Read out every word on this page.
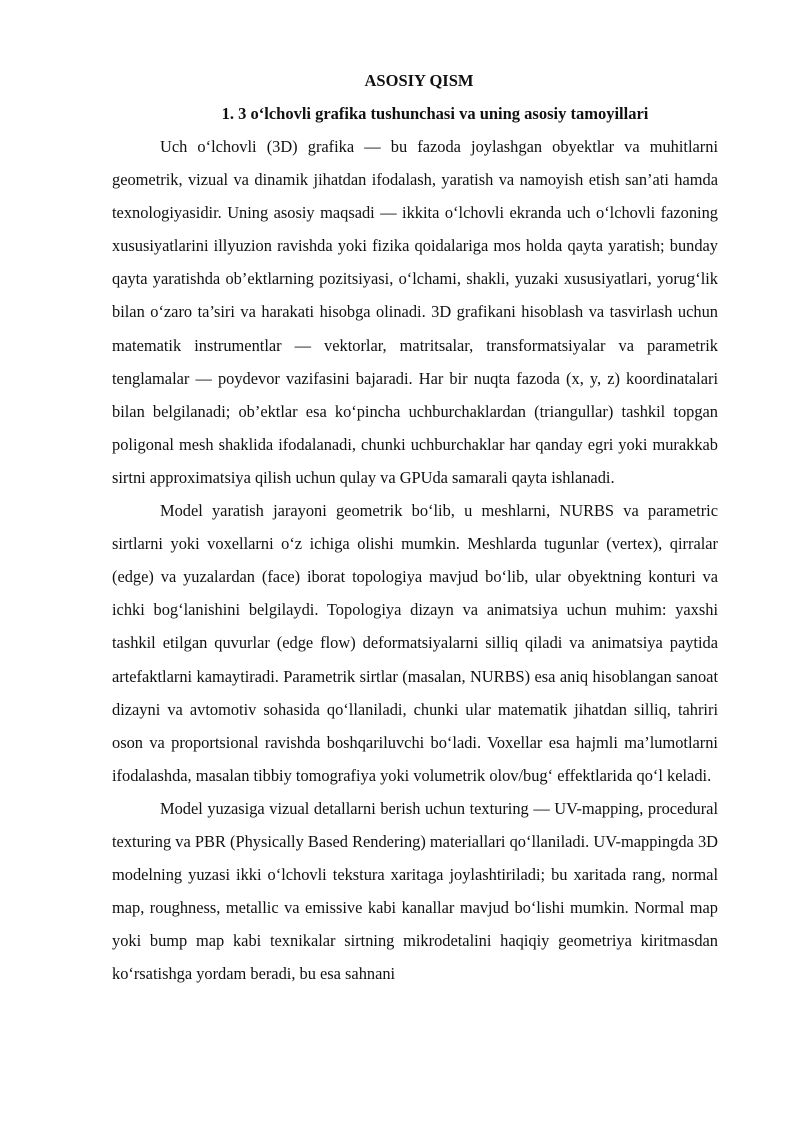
ASOSIY QISM

1. 3 o‘lchovli grafika tushunchasi va uning asosiy tamoyillari

Uch o‘lchovli (3D) grafika — bu fazoda joylashgan obyektlar va muhitlarni geometrik, vizual va dinamik jihatdan ifodalash, yaratish va namoyish etish san’ati hamda texnologiyasidir. Uning asosiy maqsadi — ikkita o‘lchovli ekranda uch o‘lchovli fazoning xususiyatlarini illyuzion ravishda yoki fizika qoidalariga mos holda qayta yaratish; bunday qayta yaratishda ob’ektlarning pozitsiyasi, o‘lchami, shakli, yuzaki xususiyatlari, yorug‘lik bilan o‘zaro ta’siri va harakati hisobga olinadi. 3D grafikani hisoblash va tasvirlash uchun matematik instrumentlar — vektorlar, matritsalar, transformatsiyalar va parametrik tenglamalar — poydevor vazifasini bajaradi. Har bir nuqta fazoda (x, y, z) koordinatalari bilan belgilanadi; ob’ektlar esa ko‘pincha uchburchaklardan (triangullar) tashkil topgan poligonal mesh shaklida ifodalanadi, chunki uchburchaklar har qanday egri yoki murakkab sirtni approximatsiya qilish uchun qulay va GPUda samarali qayta ishlanadi.

Model yaratish jarayoni geometrik bo‘lib, u meshlarni, NURBS va parametric sirtlarni yoki voxellarni o‘z ichiga olishi mumkin. Meshlarda tugunlar (vertex), qirralar (edge) va yuzalardan (face) iborat topologiya mavjud bo‘lib, ular obyektning konturi va ichki bog‘lanishini belgilaydi. Topologiya dizayn va animatsiya uchun muhim: yaxshi tashkil etilgan quvurlar (edge flow) deformatsiyalarni silliq qiladi va animatsiya paytida artefaktlarni kamaytiradi. Parametrik sirtlar (masalan, NURBS) esa aniq hisoblangan sanoat dizayni va avtomotiv sohasida qo‘llaniladi, chunki ular matematik jihatdan silliq, tahriri oson va proportsional ravishda boshqariluvchi bo‘ladi. Voxellar esa hajmli ma’lumotlarni ifodalashda, masalan tibbiy tomografiya yoki volumetrik olov/bug‘ effektlarida qo‘l keladi.

Model yuzasiga vizual detallarni berish uchun texturing — UV-mapping, procedural texturing va PBR (Physically Based Rendering) materiallari qo‘llaniladi. UV-mappingda 3D modelning yuzasi ikki o‘lchovli tekstura xaritaga joylashtiriladi; bu xaritada rang, normal map, roughness, metallic va emissive kabi kanallar mavjud bo‘lishi mumkin. Normal map yoki bump map kabi texnikalar sirtning mikrodetalini haqiqiy geometriya kiritmasdan ko‘rsatishga yordam beradi, bu esa sahnani
